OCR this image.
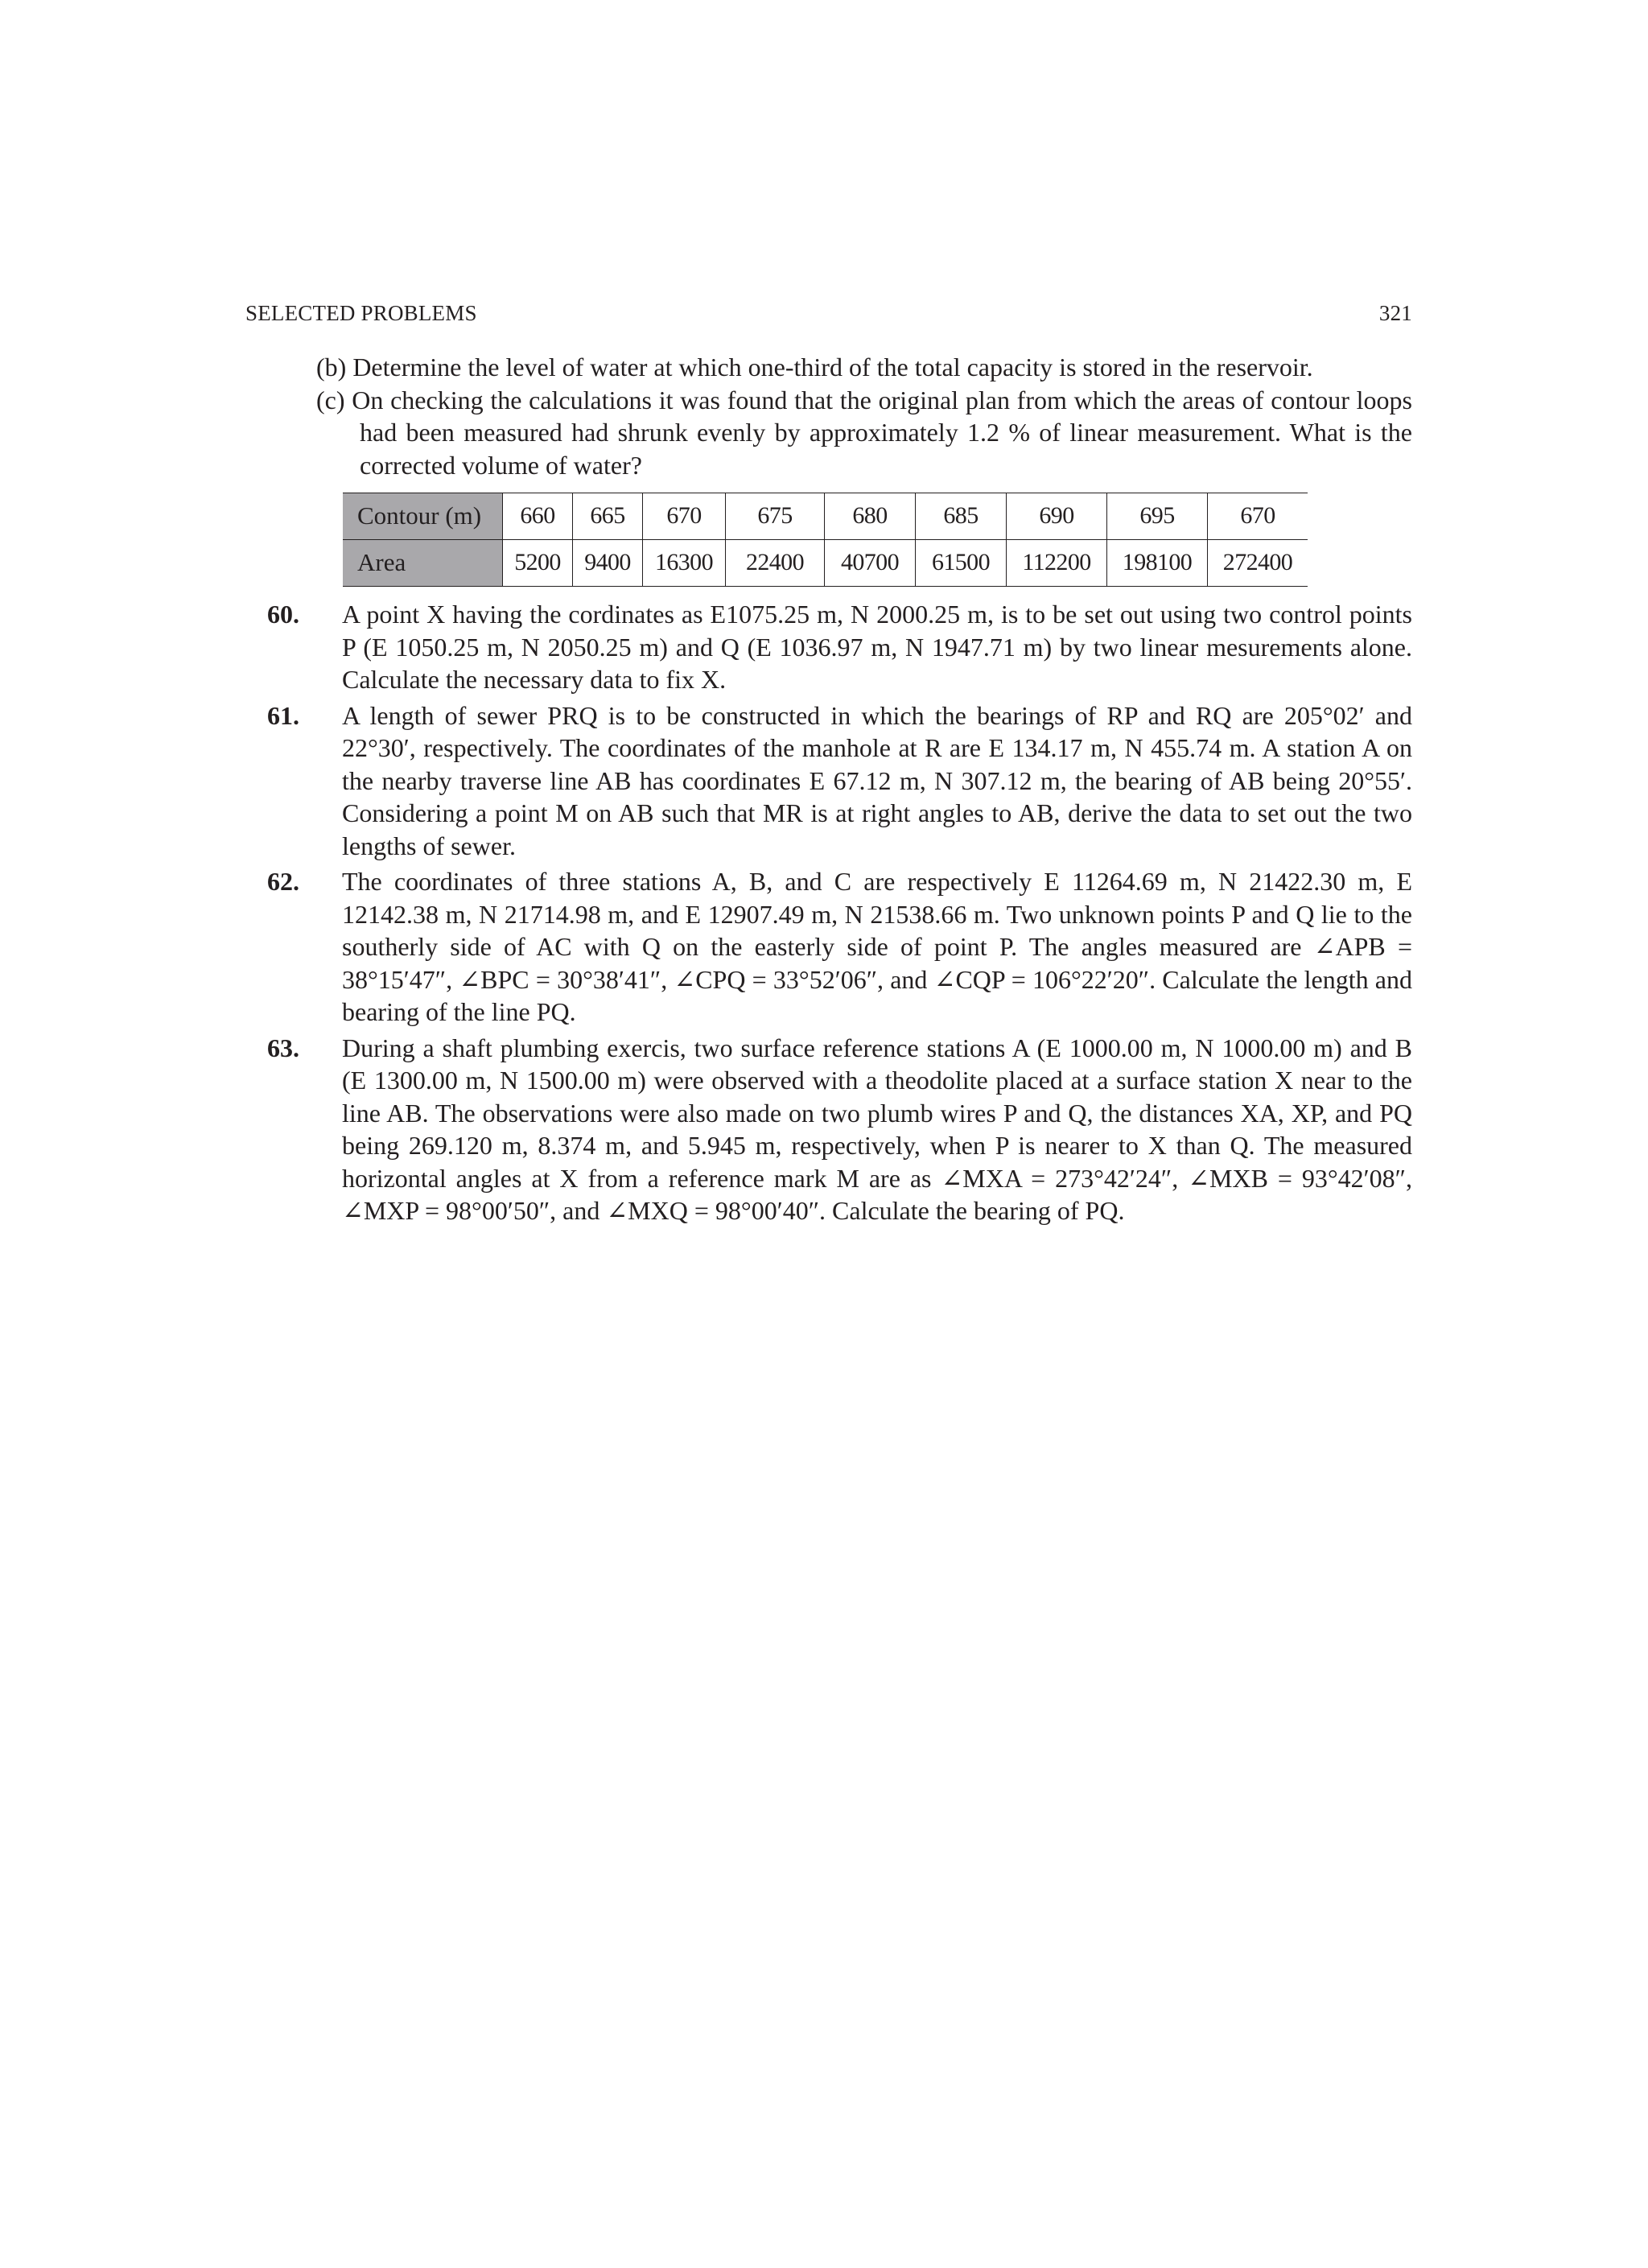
SELECTED PROBLEMS	321
(b) Determine the level of water at which one-third of the total capacity is stored in the reservoir.
(c) On checking the calculations it was found that the original plan from which the areas of contour loops had been measured had shrunk evenly by approximately 1.2 % of linear measurement. What is the corrected volume of water?
Contour (m)	660	665	670	675	680	685	690	695	670
Area	5200	9400	16300	22400	40700	61500	112200	198100	272400
60. A point X having the cordinates as E1075.25 m, N 2000.25 m, is to be set out using two control points P (E 1050.25 m, N 2050.25 m) and Q (E 1036.97 m, N 1947.71 m) by two linear mesurements alone. Calculate the necessary data to fix X.
61. A length of sewer PRQ is to be constructed in which the bearings of RP and RQ are 205°02′ and 22°30′, respectively. The coordinates of the manhole at R are E 134.17 m, N 455.74 m. A station A on the nearby traverse line AB has coordinates E 67.12 m, N 307.12 m, the bearing of AB being 20°55′. Considering a point M on AB such that MR is at right angles to AB, derive the data to set out the two lengths of sewer.
62. The coordinates of three stations A, B, and C are respectively E 11264.69 m, N 21422.30 m, E 12142.38 m, N 21714.98 m, and E 12907.49 m, N 21538.66 m. Two unknown points P and Q lie to the southerly side of AC with Q on the easterly side of point P. The angles measured are ∠APB = 38°15′47″, ∠BPC = 30°38′41″, ∠CPQ = 33°52′06″, and ∠CQP = 106°22′20″. Calculate the length and bearing of the line PQ.
63. During a shaft plumbing exercis, two surface reference stations A (E 1000.00 m, N 1000.00 m) and B (E 1300.00 m, N 1500.00 m) were observed with a theodolite placed at a surface station X near to the line AB. The observations were also made on two plumb wires P and Q, the distances XA, XP, and PQ being 269.120 m, 8.374 m, and 5.945 m, respectively, when P is nearer to X than Q. The measured horizontal angles at X from a reference mark M are as ∠MXA = 273°42′24″, ∠MXB = 93°42′08″, ∠MXP = 98°00′50″, and ∠MXQ = 98°00′40″. Calculate the bearing of PQ.
